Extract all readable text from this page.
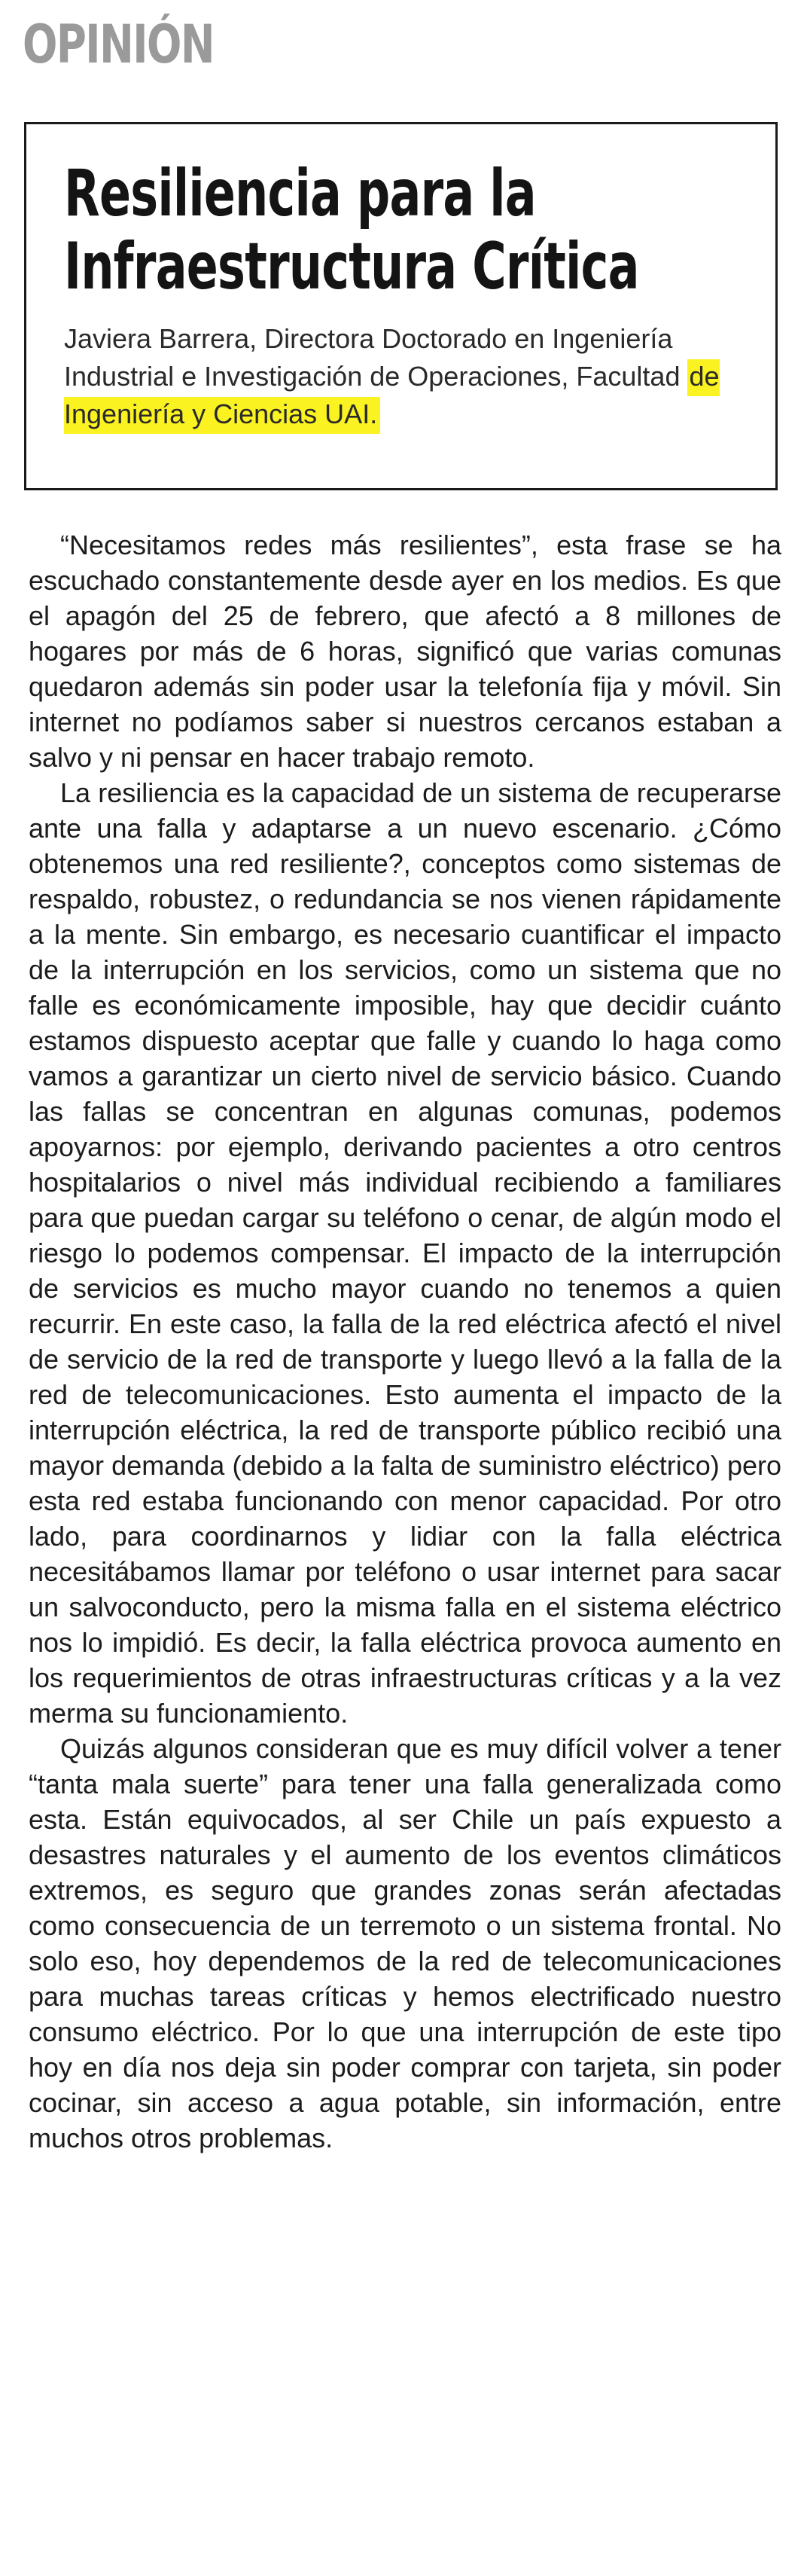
OPINIÓN
Resiliencia para la Infraestructura Crítica
Javiera Barrera, Directora Doctorado en Ingeniería Industrial e Investigación de Operaciones, Facultad de Ingeniería y Ciencias UAI.

“Necesitamos redes más resilientes”, esta frase se ha escuchado constantemente desde ayer en los medios. Es que el apagón del 25 de febrero, que afectó a 8 millones de hogares por más de 6 horas, significó que varias comunas quedaron además sin poder usar la telefonía fija y móvil. Sin internet no podíamos saber si nuestros cercanos estaban a salvo y ni pensar en hacer trabajo remoto.

La resiliencia es la capacidad de un sistema de recuperarse ante una falla y adaptarse a un nuevo escenario. ¿Cómo obtenemos una red resiliente?, conceptos como sistemas de respaldo, robustez, o redundancia se nos vienen rápidamente a la mente. Sin embargo, es necesario cuantificar el impacto de la interrupción en los servicios, como un sistema que no falle es económicamente imposible, hay que decidir cuánto estamos dispuesto aceptar que falle y cuando lo haga como vamos a garantizar un cierto nivel de servicio básico. Cuando las fallas se concentran en algunas comunas, podemos apoyarnos: por ejemplo, derivando pacientes a otro centros hospitalarios o nivel más individual recibiendo a familiares para que puedan cargar su teléfono o cenar, de algún modo el riesgo lo podemos compensar. El impacto de la interrupción de servicios es mucho mayor cuando no tenemos a quien recurrir. En este caso, la falla de la red eléctrica afectó el nivel de servicio de la red de transporte y luego llevó a la falla de la red de telecomunicaciones. Esto aumenta el impacto de la interrupción eléctrica, la red de transporte público recibió una mayor demanda (debido a la falta de suministro eléctrico) pero esta red estaba funcionando con menor capacidad. Por otro lado, para coordinarnos y lidiar con la falla eléctrica necesitábamos llamar por teléfono o usar internet para sacar un salvoconducto, pero la misma falla en el sistema eléctrico nos lo impidió. Es decir, la falla eléctrica provoca aumento en los requerimientos de otras infraestructuras críticas y a la vez merma su funcionamiento.

Quizás algunos consideran que es muy difícil volver a tener “tanta mala suerte” para tener una falla generalizada como esta. Están equivocados, al ser Chile un país expuesto a desastres naturales y el aumento de los eventos climáticos extremos, es seguro que grandes zonas serán afectadas como consecuencia de un terremoto o un sistema frontal. No solo eso, hoy dependemos de la red de telecomunicaciones para muchas tareas críticas y hemos electrificado nuestro consumo eléctrico. Por lo que una interrupción de este tipo hoy en día nos deja sin poder comprar con tarjeta, sin poder cocinar, sin acceso a agua potable, sin información, entre muchos otros problemas.
